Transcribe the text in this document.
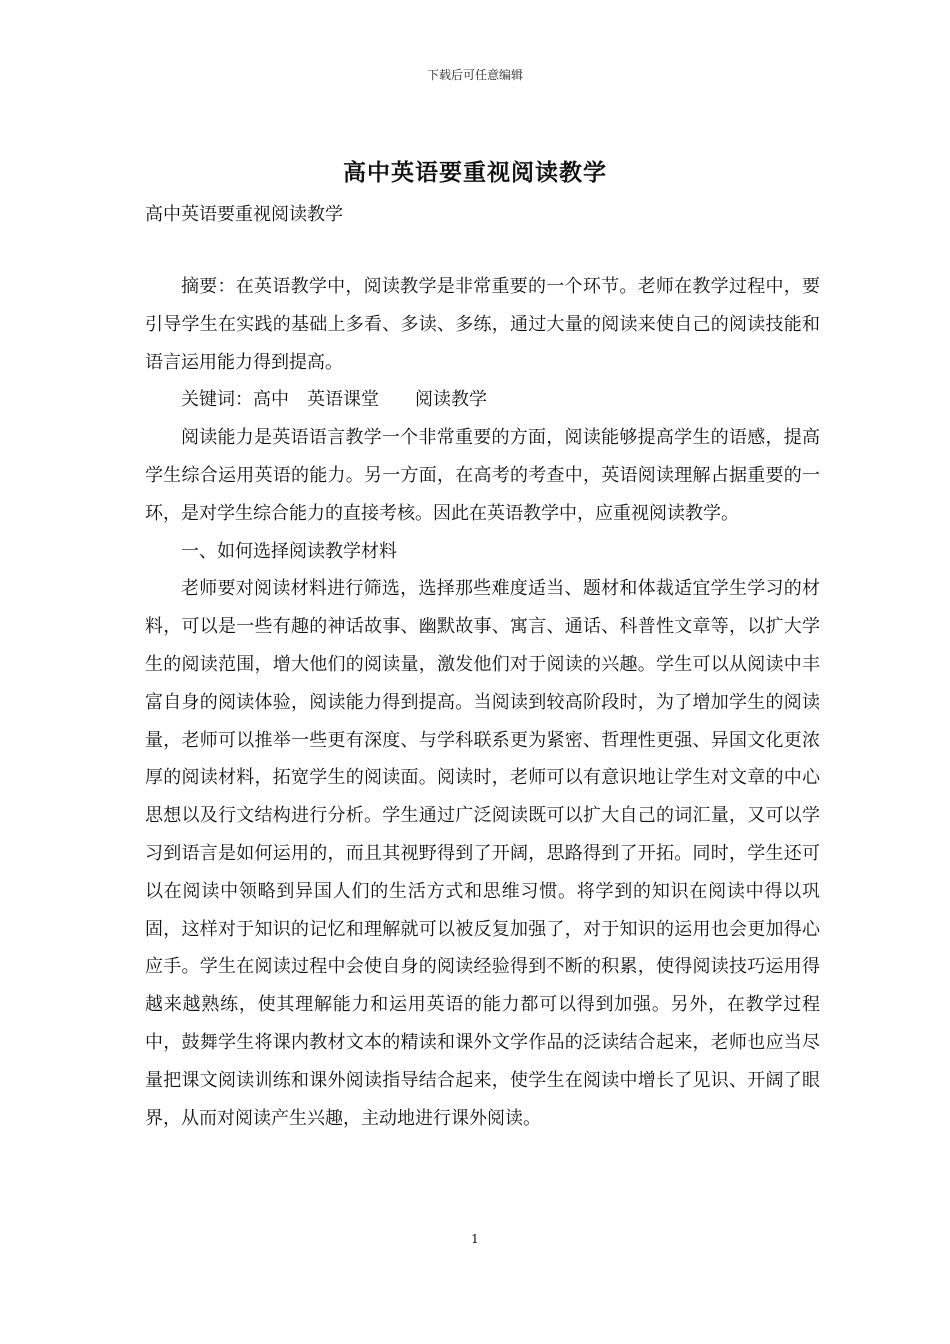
下载后可任意编辑
高中英语要重视阅读教学
高中英语要重视阅读教学

摘要：在英语教学中，阅读教学是非常重要的一个环节。老师在教学过程中，要引导学生在实践的基础上多看、多读、多练，通过大量的阅读来使自己的阅读技能和语言运用能力得到提高。

关键词：高中　英语课堂　　阅读教学

阅读能力是英语语言教学一个非常重要的方面，阅读能够提高学生的语感，提高学生综合运用英语的能力。另一方面，在高考的考查中，英语阅读理解占据重要的一环，是对学生综合能力的直接考核。因此在英语教学中，应重视阅读教学。

一、如何选择阅读教学材料

老师要对阅读材料进行筛选，选择那些难度适当、题材和体裁适宜学生学习的材料，可以是一些有趣的神话故事、幽默故事、寓言、通话、科普性文章等，以扩大学生的阅读范围，增大他们的阅读量，激发他们对于阅读的兴趣。学生可以从阅读中丰富自身的阅读体验，阅读能力得到提高。当阅读到较高阶段时，为了增加学生的阅读量，老师可以推举一些更有深度、与学科联系更为紧密、哲理性更强、异国文化更浓厚的阅读材料，拓宽学生的阅读面。阅读时，老师可以有意识地让学生对文章的中心思想以及行文结构进行分析。学生通过广泛阅读既可以扩大自己的词汇量，又可以学习到语言是如何运用的，而且其视野得到了开阔，思路得到了开拓。同时，学生还可以在阅读中领略到异国人们的生活方式和思维习惯。将学到的知识在阅读中得以巩固，这样对于知识的记忆和理解就可以被反复加强了，对于知识的运用也会更加得心应手。学生在阅读过程中会使自身的阅读经验得到不断的积累，使得阅读技巧运用得越来越熟练，使其理解能力和运用英语的能力都可以得到加强。另外，在教学过程中，鼓舞学生将课内教材文本的精读和课外文学作品的泛读结合起来，老师也应当尽量把课文阅读训练和课外阅读指导结合起来，使学生在阅读中增长了见识、开阔了眼界，从而对阅读产生兴趣，主动地进行课外阅读。

1
